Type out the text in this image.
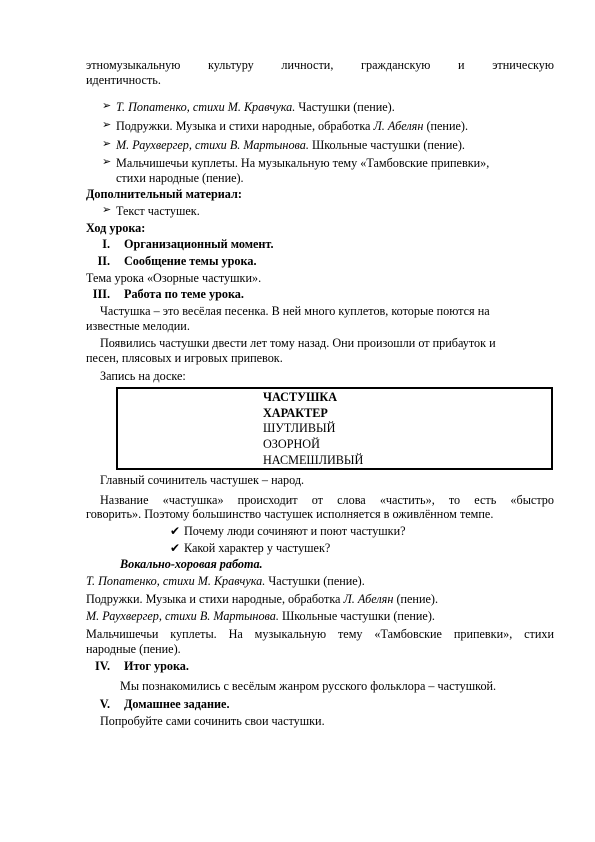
этномузыкальную культуру личности, гражданскую и этническую
идентичность.
➢ Т. Попатенко, стихи М. Кравчука. Частушки (пение).
➢ Подружки. Музыка и стихи народные, обработка Л. Абелян (пение).
➢ М. Раухвергер, стихи В. Мартынова. Школьные частушки (пение).
➢ Мальчишечьи куплеты. На музыкальную тему «Тамбовские припевки»,
стихи народные (пение).
Дополнительный материал:
➢ Текст частушек.
Ход урока:
I. Организационный момент.
II. Сообщение темы урока.
Тема урока «Озорные частушки».
III. Работа по теме урока.
Частушка – это весёлая песенка. В ней много куплетов, которые поются на
известные мелодии.
Появились частушки двести лет тому назад. Они произошли от прибауток и
песен, плясовых и игровых припевок.
Запись на доске:
ЧАСТУШКА
ХАРАКТЕР
ШУТЛИВЫЙ
ОЗОРНОЙ
НАСМЕШЛИВЫЙ
Главный сочинитель частушек – народ.
Название «частушка» происходит от слова «частить», то есть «быстро
говорить». Поэтому большинство частушек исполняется в оживлённом темпе.
✔ Почему люди сочиняют и поют частушки?
✔ Какой характер у частушек?
Вокально-хоровая работа.
Т. Попатенко, стихи М. Кравчука. Частушки (пение).
Подружки. Музыка и стихи народные, обработка Л. Абелян (пение).
М. Раухвергер, стихи В. Мартынова. Школьные частушки (пение).
Мальчишечьи куплеты. На музыкальную тему «Тамбовские припевки», стихи
народные (пение).
IV. Итог урока.
Мы познакомились с весёлым жанром русского фольклора – частушкой.
V. Домашнее задание.
Попробуйте сами сочинить свои частушки.
